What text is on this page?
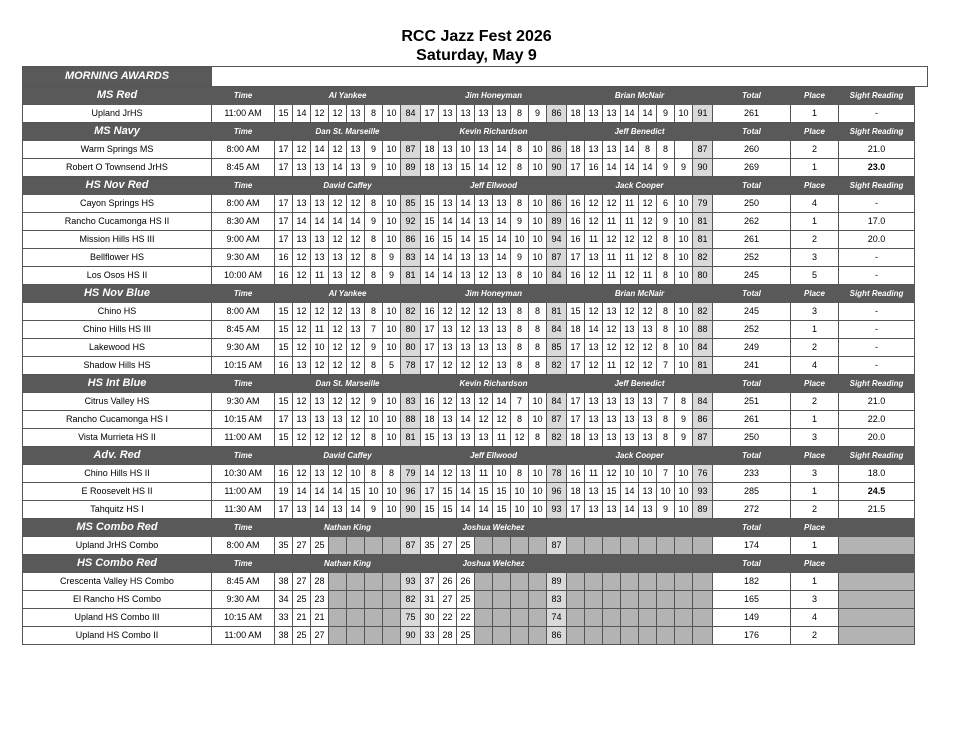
RCC Jazz Fest 2026
Saturday, May 9
MORNING AWARDS																												
MS Red	Time	Al Yankee								Jim Honeyman								Brian McNair								Total	Place	Sight Reading
Upland JrHS	11:00 AM	15	14	12	12	13	8	10	84	17	13	13	13	13	8	9	86	18	13	13	14	14	9	10	91	261	1	-
MS Navy	Time	Dan St. Marseille								Kevin Richardson								Jeff Benedict								Total	Place	Sight Reading
Warm Springs MS	8:00 AM	17	12	14	12	13	9	10	87	18	13	10	13	14	8	10	86	18	13	13	14	8	8		87	260	2	21.0
Robert O Townsend JrHS	8:45 AM	17	13	13	14	13	9	10	89	18	13	15	14	12	8	10	90	17	16	14	14	14	9	9	90	269	1	23.0
HS Nov Red	Time	David Caffey								Jeff Ellwood								Jack Cooper								Total	Place	Sight Reading
Cayon Springs HS	8:00 AM	17	13	13	12	12	8	10	85	15	13	14	13	13	8	10	86	16	12	12	11	12	6	10	79	250	4	-
Rancho Cucamonga HS II	8:30 AM	17	14	14	14	14	9	10	92	15	14	14	13	14	9	10	89	16	12	11	11	12	9	10	81	262	1	17.0
Mission Hills HS III	9:00 AM	17	13	13	12	12	8	10	86	16	15	14	15	14	10	10	94	16	11	12	12	12	8	10	81	261	2	20.0
Bellflower HS	9:30 AM	16	12	13	13	12	8	9	83	14	14	13	13	14	9	10	87	17	13	11	11	12	8	10	82	252	3	-
Los Osos HS II	10:00 AM	16	12	11	13	12	8	9	81	14	14	13	12	13	8	10	84	16	12	11	12	11	8	10	80	245	5	-
HS Nov Blue	Time	Al Yankee								Jim Honeyman								Brian McNair								Total	Place	Sight Reading
Chino HS	8:00 AM	15	12	12	12	13	8	10	82	16	12	12	12	13	8	8	81	15	12	13	12	12	8	10	82	245	3	-
Chino Hills HS III	8:45 AM	15	12	11	12	13	7	10	80	17	13	12	13	13	8	8	84	18	14	12	13	13	8	10	88	252	1	-
Lakewood HS	9:30 AM	15	12	10	12	12	9	10	80	17	13	13	13	13	8	8	85	17	13	12	12	12	8	10	84	249	2	-
Shadow Hills HS	10:15 AM	16	13	12	12	12	8	5	78	17	12	12	12	13	8	8	82	17	12	11	12	12	7	10	81	241	4	-
HS Int Blue	Time	Dan St. Marseille								Kevin Richardson								Jeff Benedict								Total	Place	Sight Reading
Citrus Valley HS	9:30 AM	15	12	13	12	12	9	10	83	16	12	13	12	14	7	10	84	17	13	13	13	13	7	8	84	251	2	21.0
Rancho Cucamonga HS I	10:15 AM	17	13	13	13	12	10	10	88	18	13	14	12	12	8	10	87	17	13	13	13	13	8	9	86	261	1	22.0
Vista Murrieta HS II	11:00 AM	15	12	12	12	12	8	10	81	15	13	13	13	11	12	8	82	18	13	13	13	13	8	9	87	250	3	20.0
Adv. Red	Time	David Caffey								Jeff Ellwood								Jack Cooper								Total	Place	Sight Reading
Chino Hills HS II	10:30 AM	16	12	13	12	10	8	8	79	14	12	13	11	10	8	10	78	16	11	12	10	10	7	10	76	233	3	18.0
E Roosevelt HS II	11:00 AM	19	14	14	14	15	10	10	96	17	15	14	15	15	10	10	96	18	13	15	14	13	10	10	93	285	1	24.5
Tahquitz HS I	11:30 AM	17	13	14	13	14	9	10	90	15	15	14	14	15	10	10	93	17	13	13	14	13	9	10	89	272	2	21.5
MS Combo Red	Time	Nathan King								Joshua Welchez																Total	Place	
Upland JrHS Combo	8:00 AM	35	27	25					87	35	27	25					87									174	1	
HS Combo Red	Time	Nathan King								Joshua Welchez																Total	Place	
Crescenta Valley HS Combo	8:45 AM	38	27	28					93	37	26	26					89									182	1	
El Rancho HS Combo	9:30 AM	34	25	23					82	31	27	25					83									165	3	
Upland HS Combo III	10:15 AM	33	21	21					75	30	22	22					74									149	4	
Upland HS Combo II	11:00 AM	38	25	27					90	33	28	25					86									176	2	
